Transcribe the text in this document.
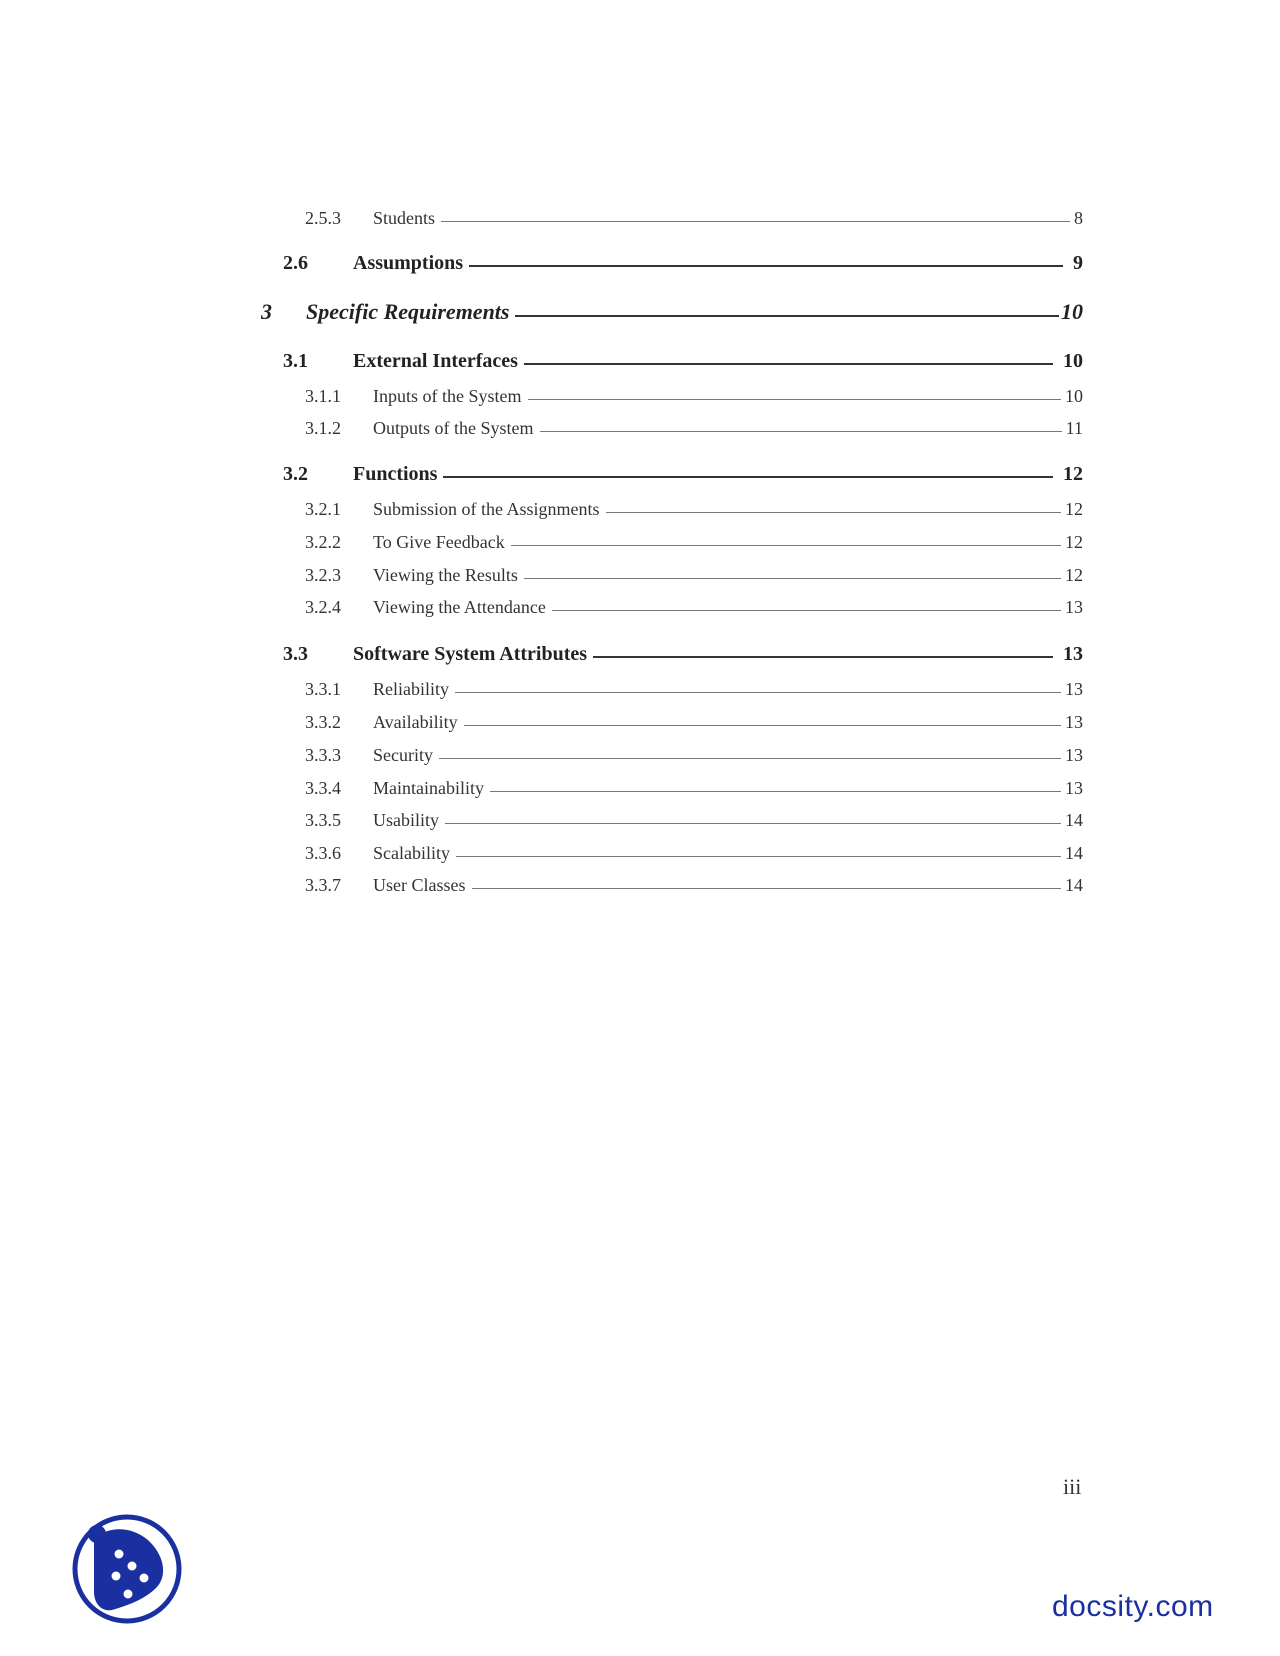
2.5.3	Students	8
2.6	Assumptions	9
3	Specific Requirements	10
3.1	External Interfaces	10
3.1.1	Inputs of the System	10
3.1.2	Outputs of the System	11
3.2	Functions	12
3.2.1	Submission of the Assignments	12
3.2.2	To Give Feedback	12
3.2.3	Viewing the Results	12
3.2.4	Viewing the Attendance	13
3.3	Software System Attributes	13
3.3.1	Reliability	13
3.3.2	Availability	13
3.3.3	Security	13
3.3.4	Maintainability	13
3.3.5	Usability	14
3.3.6	Scalability	14
3.3.7	User Classes	14
iii
docsity.com
